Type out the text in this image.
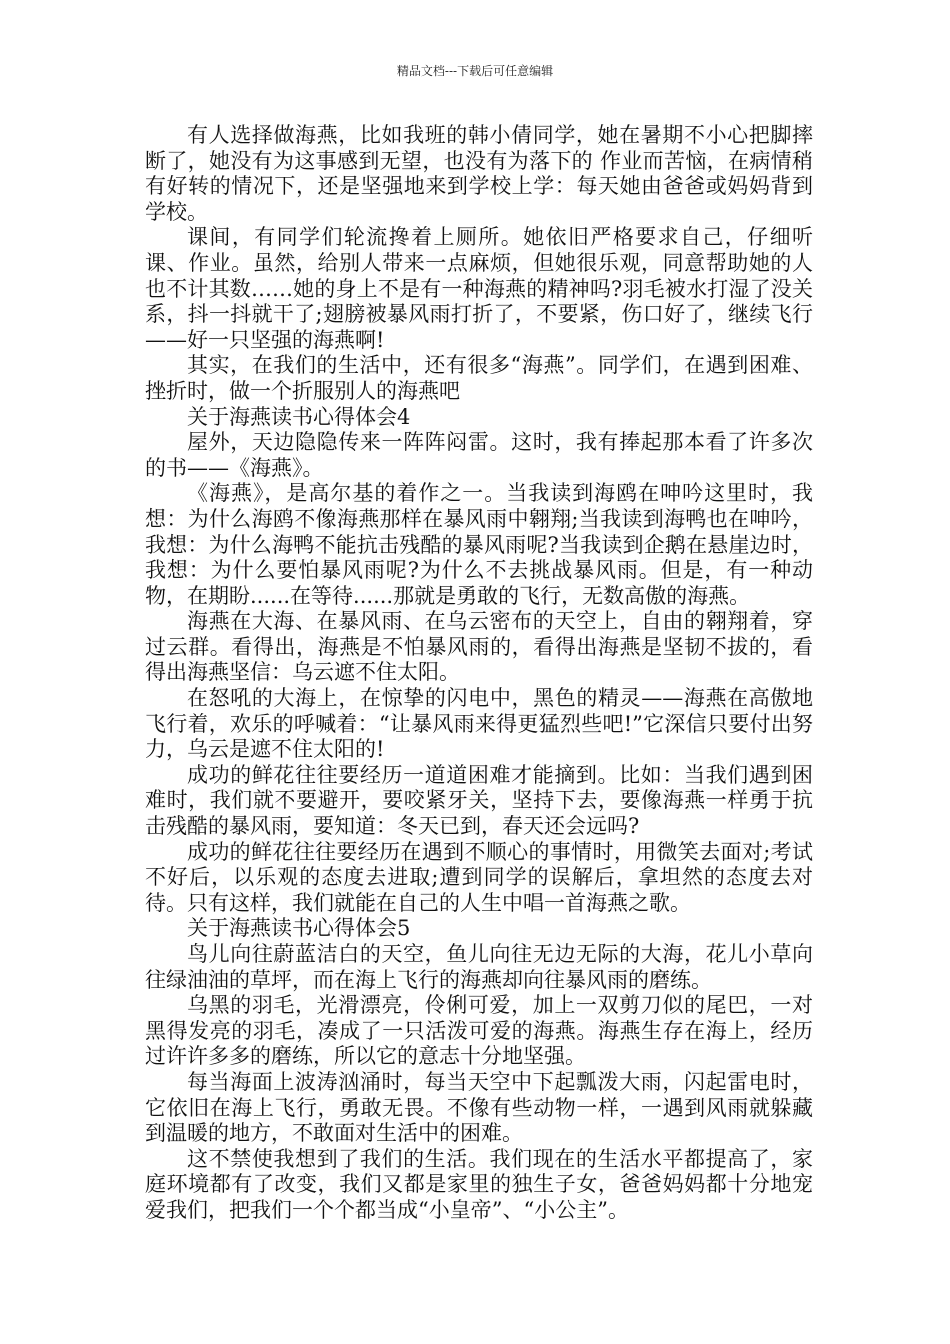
精品文档---下载后可任意编辑

有人选择做海燕，比如我班的韩小倩同学，她在暑期不小心把脚摔断了，她没有为这事感到无望，也没有为落下的 作业而苦恼，在病情稍有好转的情况下，还是坚强地来到学校上学：每天她由爸爸或妈妈背到学校。

课间，有同学们轮流搀着上厕所。她依旧严格要求自己，仔细听课、作业。虽然，给别人带来一点麻烦，但她很乐观，同意帮助她的人也不计其数……她的身上不是有一种海燕的精神吗?羽毛被水打湿了没关系，抖一抖就干了;翅膀被暴风雨打折了，不要紧，伤口好了，继续飞行——好一只坚强的海燕啊!

其实，在我们的生活中，还有很多“海燕”。同学们，在遇到困难、挫折时，做一个折服别人的海燕吧

关于海燕读书心得体会4

屋外，天边隐隐传来一阵阵闷雷。这时，我有捧起那本看了许多次的书——《海燕》。

《海燕》，是高尔基的着作之一。当我读到海鸥在呻吟这里时，我想：为什么海鸥不像海燕那样在暴风雨中翱翔;当我读到海鸭也在呻吟，我想：为什么海鸭不能抗击残酷的暴风雨呢?当我读到企鹅在悬崖边时，我想：为什么要怕暴风雨呢?为什么不去挑战暴风雨。但是，有一种动物，在期盼......在等待......那就是勇敢的飞行，无数高傲的海燕。

海燕在大海、在暴风雨、在乌云密布的天空上，自由的翱翔着，穿过云群。看得出，海燕是不怕暴风雨的，看得出海燕是坚韧不拔的，看得出海燕坚信：乌云遮不住太阳。

在怒吼的大海上，在惊挚的闪电中，黑色的精灵——海燕在高傲地飞行着，欢乐的呼喊着：“让暴风雨来得更猛烈些吧!”它深信只要付出努力，乌云是遮不住太阳的!

成功的鲜花往往要经历一道道困难才能摘到。比如：当我们遇到困难时，我们就不要避开，要咬紧牙关，坚持下去，要像海燕一样勇于抗击残酷的暴风雨，要知道：冬天已到，春天还会远吗?

成功的鲜花往往要经历在遇到不顺心的事情时，用微笑去面对;考试不好后，以乐观的态度去进取;遭到同学的误解后，拿坦然的态度去对待。只有这样，我们就能在自己的人生中唱一首海燕之歌。

关于海燕读书心得体会5

鸟儿向往蔚蓝洁白的天空，鱼儿向往无边无际的大海，花儿小草向往绿油油的草坪，而在海上飞行的海燕却向往暴风雨的磨练。

乌黑的羽毛，光滑漂亮，伶俐可爱，加上一双剪刀似的尾巴，一对黑得发亮的羽毛，凑成了一只活泼可爱的海燕。海燕生存在海上，经历过许许多多的磨练，所以它的意志十分地坚强。

每当海面上波涛汹涌时，每当天空中下起瓢泼大雨，闪起雷电时，它依旧在海上飞行，勇敢无畏。不像有些动物一样，一遇到风雨就躲藏到温暖的地方，不敢面对生活中的困难。

这不禁使我想到了我们的生活。我们现在的生活水平都提高了，家庭环境都有了改变，我们又都是家里的独生子女，爸爸妈妈都十分地宠爱我们，把我们一个个都当成“小皇帝”、“小公主”。
